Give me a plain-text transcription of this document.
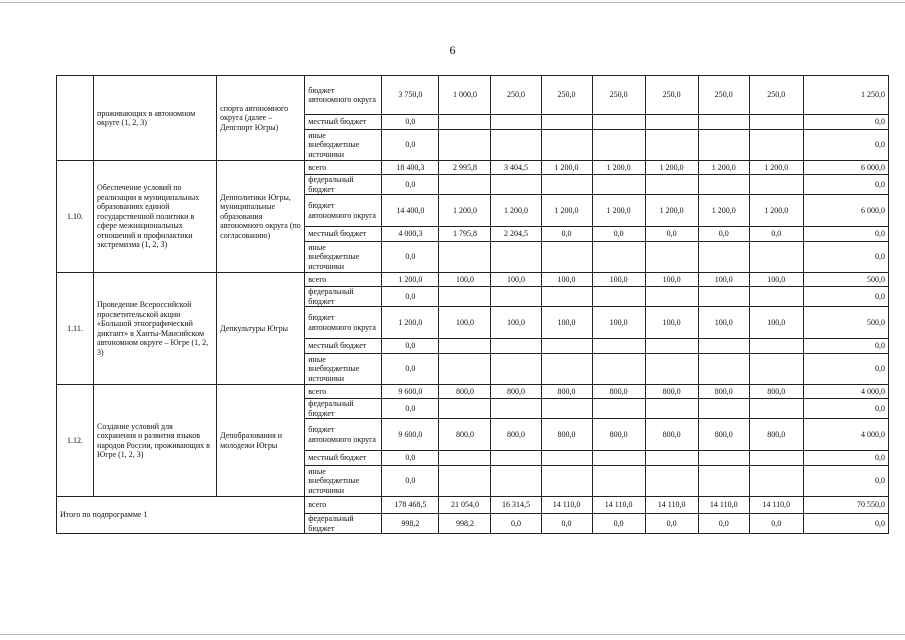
6
	проживающих в автономном округе (1, 2, 3)	спорта автономного округа (далее – Депспорт Югры)	бюджет автономного округа	3 750,0	1 000,0	250,0	250,0	250,0	250,0	250,0	250,0	1 250,0
			местный бюджет	0,0								0,0
			иные внебюджетные источники	0,0								0,0
1.10.	Обеспечение условий по реализации в муниципальных образованиях единой государственной политики в сфере межнациональных отношений и профилактики экстремизма (1, 2, 3)	Депполитики Югры, муниципальные образования автономного округа (по согласованию)	всего	18 400,3	2 995,8	3 404,5	1 200,0	1 200,0	1 200,0	1 200,0	1 200,0	6 000,0
			федеральный бюджет	0,0								0,0
			бюджет автономного округа	14 400,0	1 200,0	1 200,0	1 200,0	1 200,0	1 200,0	1 200,0	1 200,0	6 000,0
			местный бюджет	4 000,3	1 795,8	2 204,5	0,0	0,0	0,0	0,0	0,0	0,0
			иные внебюджетные источники	0,0								0,0
1.11.	Проведение Всероссийской просветительской акции «Большой этнографический диктант» в Ханты-Мансийском автономном округе – Югре (1, 2, 3)	Депкультуры Югры	всего	1 200,0	100,0	100,0	100,0	100,0	100,0	100,0	100,0	500,0
			федеральный бюджет	0,0								0,0
			бюджет автономного округа	1 200,0	100,0	100,0	100,0	100,0	100,0	100,0	100,0	500,0
			местный бюджет	0,0								0,0
			иные внебюджетные источники	0,0								0,0
1.12.	Создание условий для сохранения и развития языков народов России, проживающих в Югре (1, 2, 3)	Депобразования и молодежи Югры	всего	9 600,0	800,0	800,0	800,0	800,0	800,0	800,0	800,0	4 000,0
			федеральный бюджет	0,0								0,0
			бюджет автономного округа	9 600,0	800,0	800,0	800,0	800,0	800,0	800,0	800,0	4 000,0
			местный бюджет	0,0								0,0
			иные внебюджетные источники	0,0								0,0
Итого по подпрограмме 1			всего	178 468,5	21 054,0	16 314,5	14 110,0	14 110,0	14 110,0	14 110,0	14 110,0	70 550,0
			федеральный бюджет	998,2	998,2	0,0	0,0	0,0	0,0	0,0	0,0	0,0
